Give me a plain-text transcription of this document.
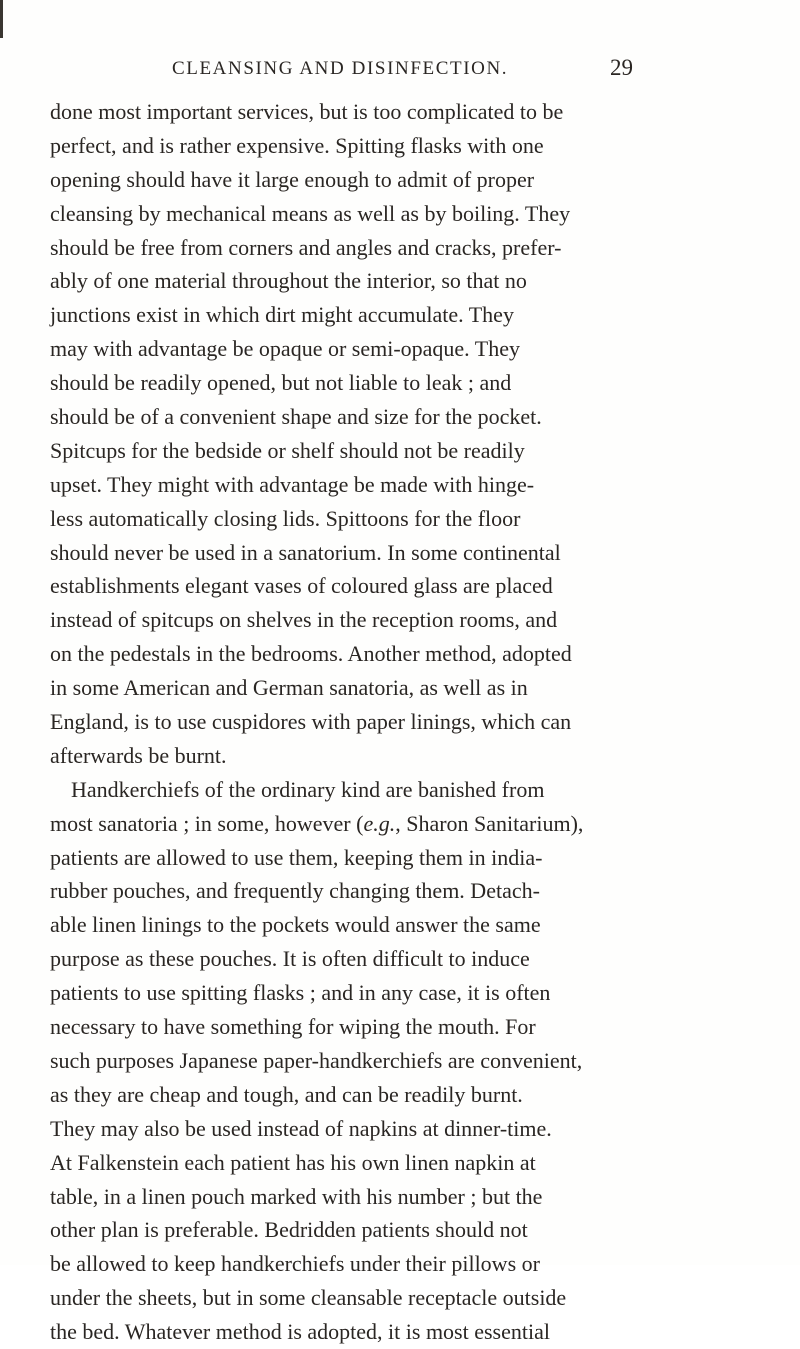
CLEANSING AND DISINFECTION.	29
done most important services, but is too complicated to be
perfect, and is rather expensive. Spitting flasks with one
opening should have it large enough to admit of proper
cleansing by mechanical means as well as by boiling. They
should be free from corners and angles and cracks, prefer-
ably of one material throughout the interior, so that no
junctions exist in which dirt might accumulate. They
may with advantage be opaque or semi-opaque. They
should be readily opened, but not liable to leak ; and
should be of a convenient shape and size for the pocket.
Spitcups for the bedside or shelf should not be readily
upset. They might with advantage be made with hinge-
less automatically closing lids. Spittoons for the floor
should never be used in a sanatorium. In some continental
establishments elegant vases of coloured glass are placed
instead of spitcups on shelves in the reception rooms, and
on the pedestals in the bedrooms. Another method, adopted
in some American and German sanatoria, as well as in
England, is to use cuspidores with paper linings, which can
afterwards be burnt.
Handkerchiefs of the ordinary kind are banished from
most sanatoria ; in some, however (e.g., Sharon Sanitarium),
patients are allowed to use them, keeping them in india-
rubber pouches, and frequently changing them. Detach-
able linen linings to the pockets would answer the same
purpose as these pouches. It is often difficult to induce
patients to use spitting flasks ; and in any case, it is often
necessary to have something for wiping the mouth. For
such purposes Japanese paper-handkerchiefs are convenient,
as they are cheap and tough, and can be readily burnt.
They may also be used instead of napkins at dinner-time.
At Falkenstein each patient has his own linen napkin at
table, in a linen pouch marked with his number ; but the
other plan is preferable. Bedridden patients should not
be allowed to keep handkerchiefs under their pillows or
under the sheets, but in some cleansable receptacle outside
the bed. Whatever method is adopted, it is most essential
